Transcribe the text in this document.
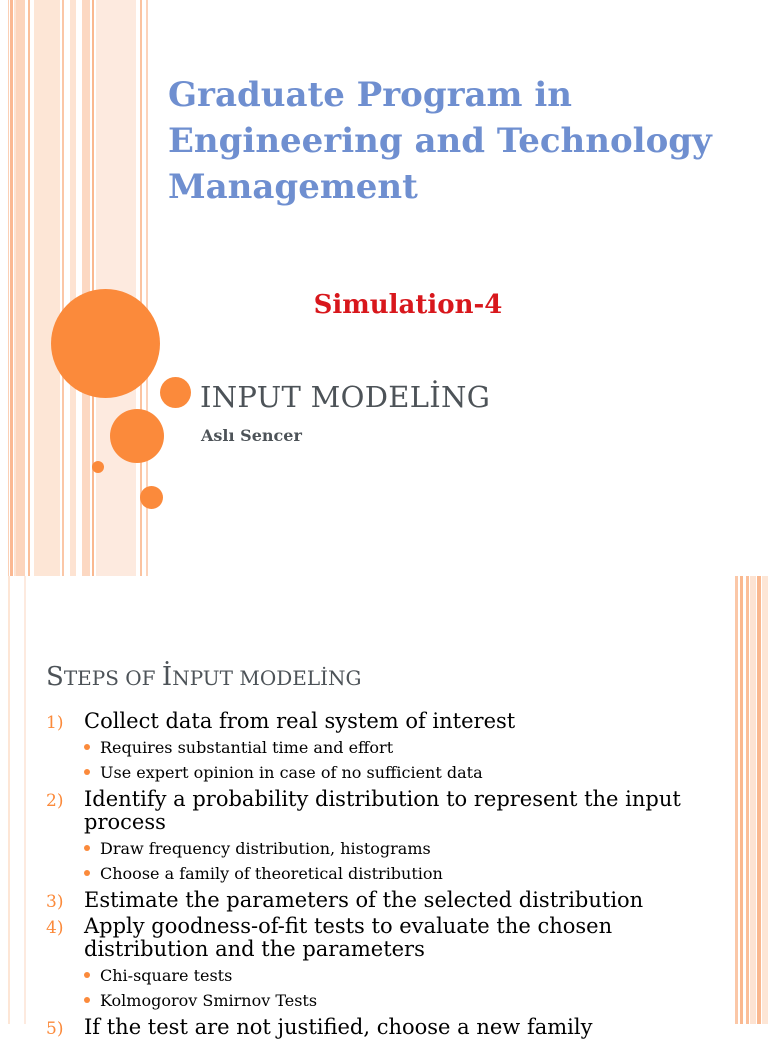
Graduate Program in Engineering and Technology Management
Simulation-4
INPUT MODELİNG
Aslı Sencer
STEPS OF İNPUT MODELİNG
1) Collect data from real system of interest
Requires substantial time and effort
Use expert opinion in case of no sufficient data
2) Identify a probability distribution to represent the input process
Draw frequency distribution, histograms
Choose a family of theoretical distribution
3) Estimate the parameters of the selected distribution
4) Apply goodness-of-fit tests to evaluate the chosen distribution and the parameters
Chi-square tests
Kolmogorov Smirnov Tests
5) If the test are not justified, choose a new family
